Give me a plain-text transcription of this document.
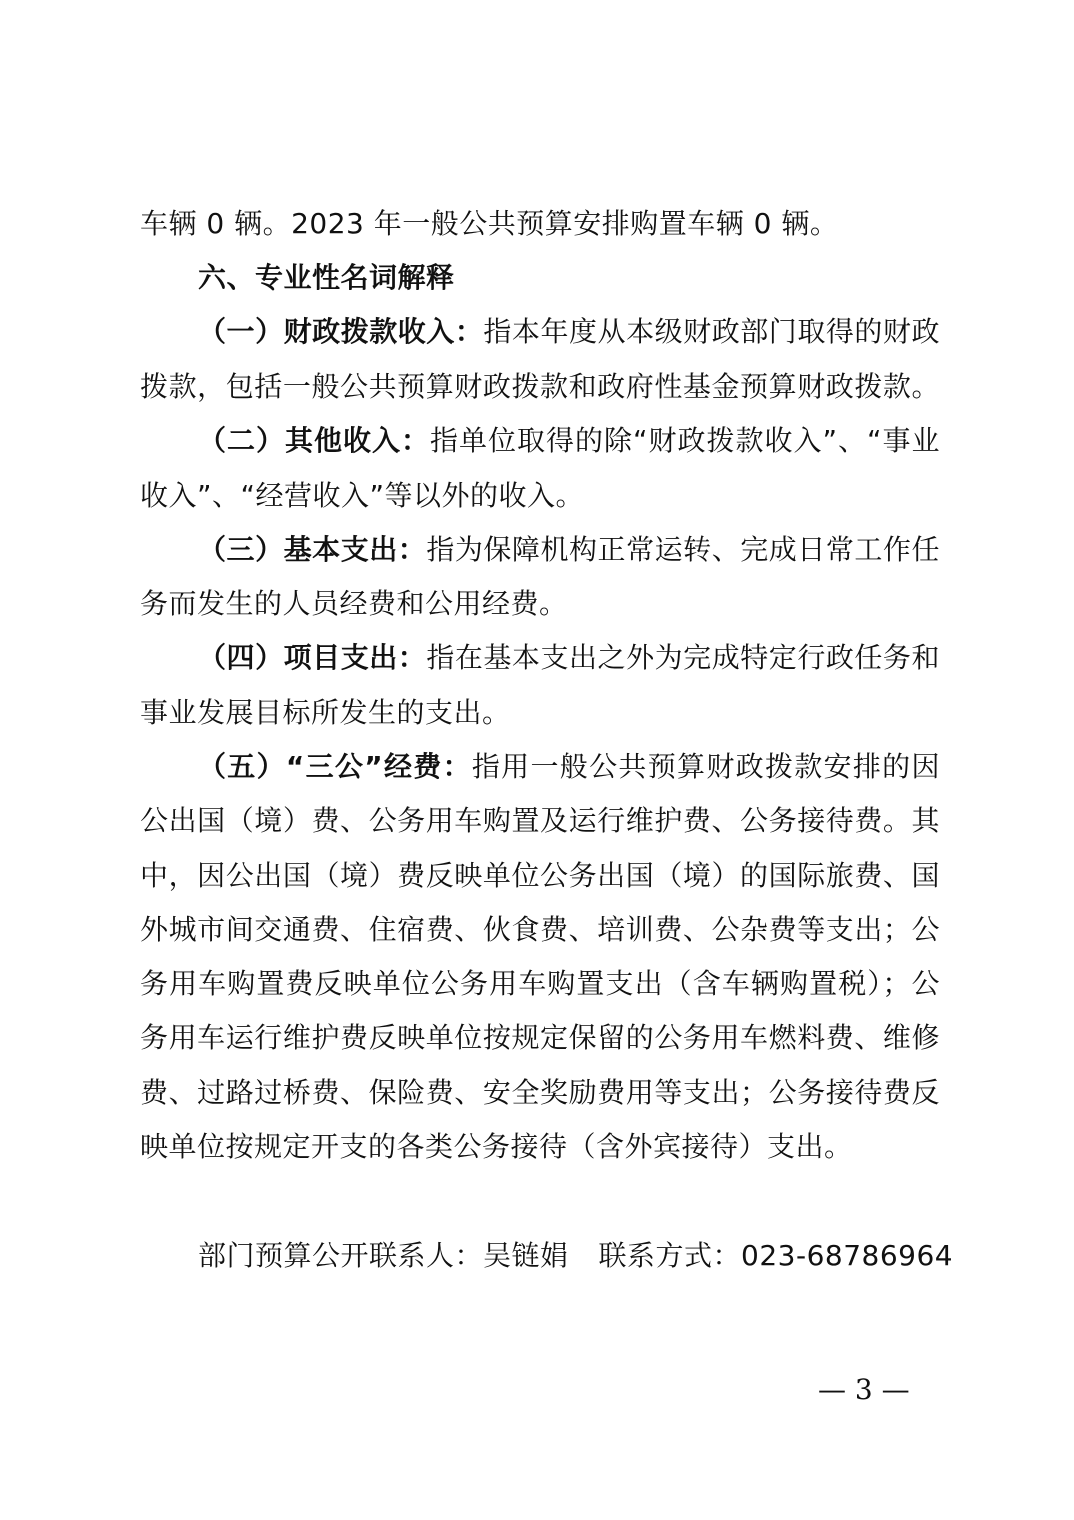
车辆 0 辆。2023 年一般公共预算安排购置车辆 0 辆。
六、专业性名词解释
（一）财政拨款收入：指本年度从本级财政部门取得的财政
拨款，包括一般公共预算财政拨款和政府性基金预算财政拨款。
（二）其他收入：指单位取得的除“财政拨款收入”、“事业
收入”、“经营收入”等以外的收入。
（三）基本支出：指为保障机构正常运转、完成日常工作任
务而发生的人员经费和公用经费。
（四）项目支出：指在基本支出之外为完成特定行政任务和
事业发展目标所发生的支出。
（五）“三公”经费：指用一般公共预算财政拨款安排的因
公出国（境）费、公务用车购置及运行维护费、公务接待费。其
中，因公出国（境）费反映单位公务出国（境）的国际旅费、国
外城市间交通费、住宿费、伙食费、培训费、公杂费等支出；公
务用车购置费反映单位公务用车购置支出（含车辆购置税）；公
务用车运行维护费反映单位按规定保留的公务用车燃料费、维修
费、过路过桥费、保险费、安全奖励费用等支出；公务接待费反
映单位按规定开支的各类公务接待（含外宾接待）支出。
部门预算公开联系人：吴链娟 联系方式：023-68786964
— 3 —
